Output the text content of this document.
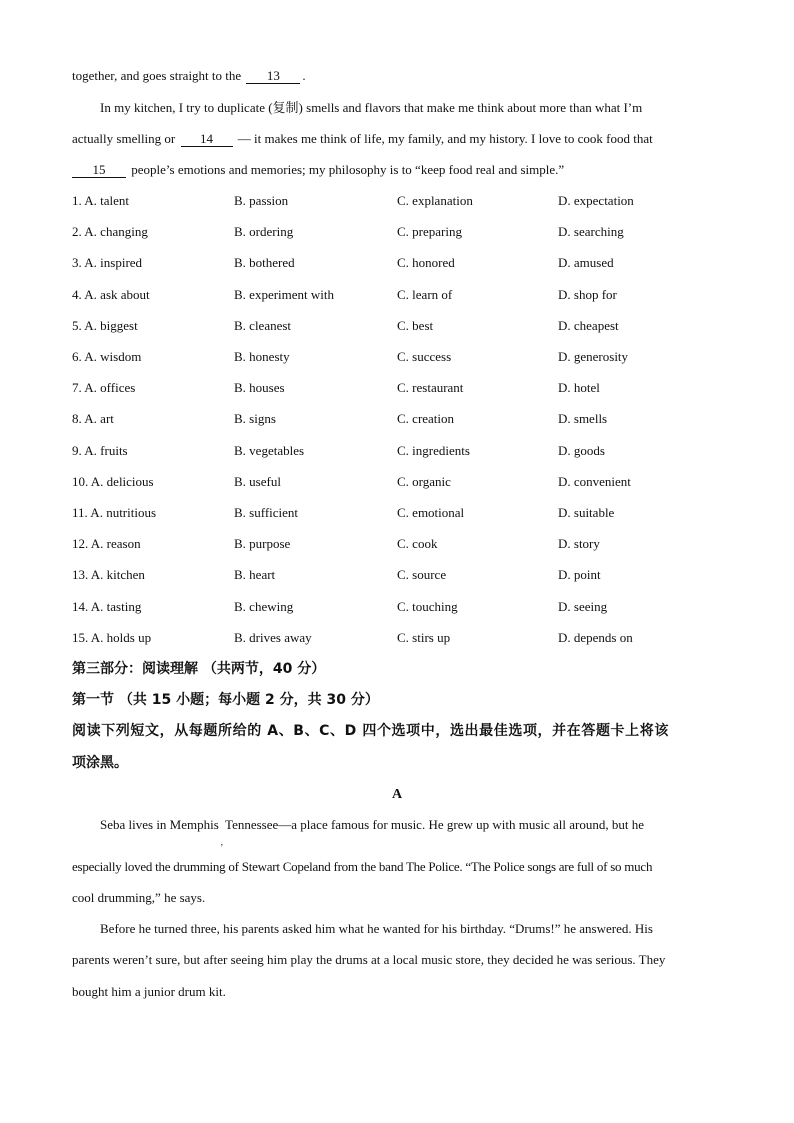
together, and goes straight to the 13 .
In my kitchen, I try to duplicate (复制) smells and flavors that make me think about more than what I’m
actually smelling or 14 — it makes me think of life, my family, and my history. I love to cook food that
15 people’s emotions and memories; my philosophy is to “keep food real and simple.”
1. A. talent	B. passion	C. explanation	D. expectation
2. A. changing	B. ordering	C. preparing	D. searching
3. A. inspired	B. bothered	C. honored	D. amused
4. A. ask about	B. experiment with	C. learn of	D. shop for
5. A. biggest	B. cleanest	C. best	D. cheapest
6. A. wisdom	B. honesty	C. success	D. generosity
7. A. offices	B. houses	C. restaurant	D. hotel
8. A. art	B. signs	C. creation	D. smells
9. A. fruits	B. vegetables	C. ingredients	D. goods
10. A. delicious	B. useful	C. organic	D. convenient
11. A. nutritious	B. sufficient	C. emotional	D. suitable
12. A. reason	B. purpose	C. cook	D. story
13. A. kitchen	B. heart	C. source	D. point
14. A. tasting	B. chewing	C. touching	D. seeing
15. A. holds up	B. drives away	C. stirs up	D. depends on
第三部分：阅读理解 （共两节，40 分）
第一节 （共 15 小题；每小题 2 分，共 30 分）
阅读下列短文，从每题所给的 A、B、C、D 四个选项中，选出最佳选项，并在答题卡上将该
项涂黑。
A
Seba lives in Memphis$_,$Tennessee—a place famous for music. He grew up with music all around, but he
especially loved the drumming of Stewart Copeland from the band The Police. “The Police songs are full of so much
cool drumming,” he says.
Before he turned three, his parents asked him what he wanted for his birthday. “Drums!” he answered. His
parents weren’t sure, but after seeing him play the drums at a local music store, they decided he was serious. They
bought him a junior drum kit.
